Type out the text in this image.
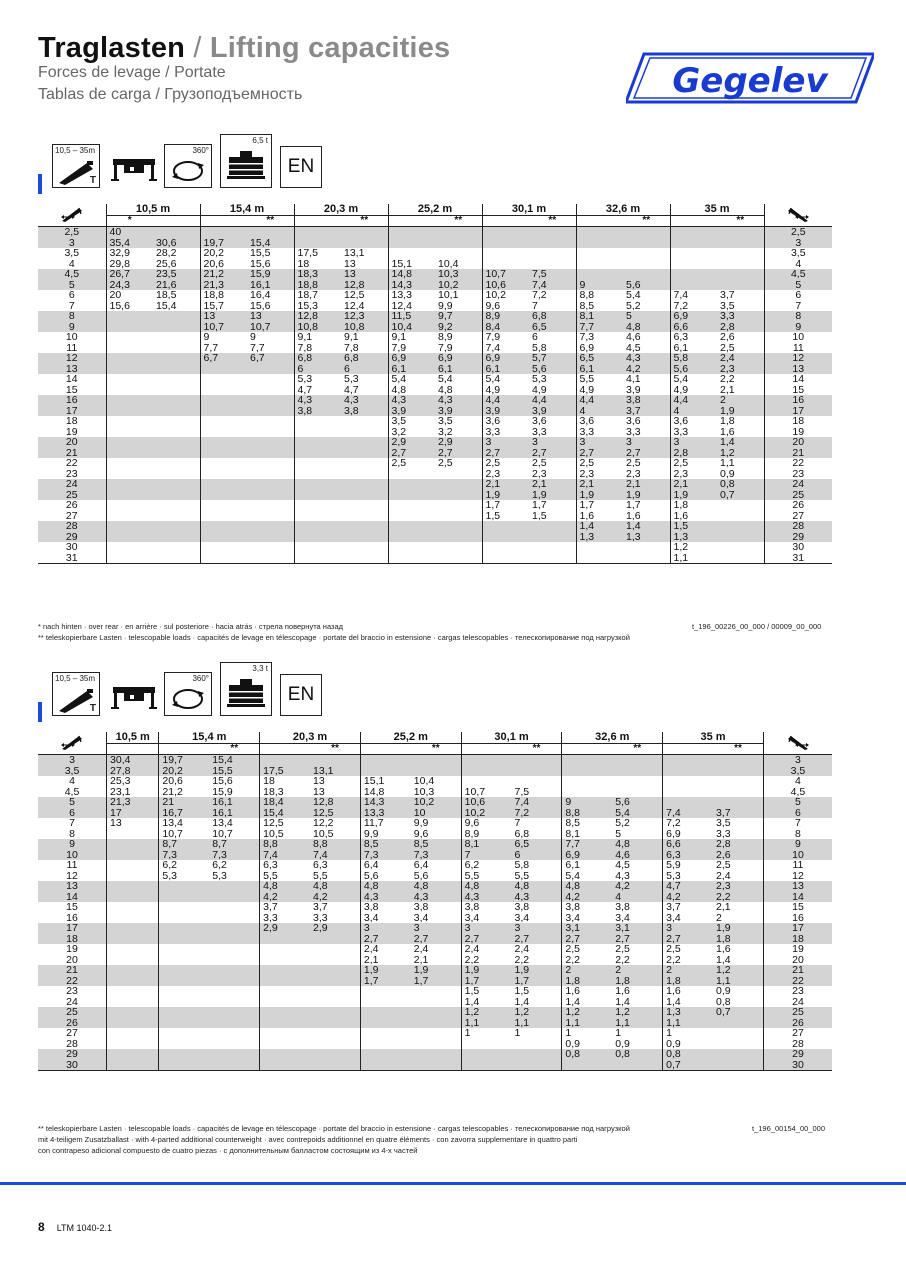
Traglasten / Lifting capacities
Forces de levage / Portate
Tablas de carga / Грузоподъемность	Gegelev
10,5 – 35m
T
360°
6,5 t
EN
10,5 – 35m
T
360°
3,3 t
EN
	10,5 m		15,4 m		20,3 m		25,2 m		30,1 m		32,6 m		35 m	
	*			**		**		**		**		**		**	
2,5	40														2,5
3	35,4	30,6	19,7	15,4											3
3,5	32,9	28,2	20,2	15,5	17,5	13,1									3,5
4	29,8	25,6	20,6	15,6	18	13	15,1	10,4							4
4,5	26,7	23,5	21,2	15,9	18,3	13	14,8	10,3	10,7	7,5					4,5
5	24,3	21,6	21,3	16,1	18,8	12,8	14,3	10,2	10,6	7,4	9	5,6			5
6	20	18,5	18,8	16,4	18,7	12,5	13,3	10,1	10,2	7,2	8,8	5,4	7,4	3,7	6
7	15,6	15,4	15,7	15,6	15,3	12,4	12,4	9,9	9,6	7	8,5	5,2	7,2	3,5	7
8			13	13	12,8	12,3	11,5	9,7	8,9	6,8	8,1	5	6,9	3,3	8
9			10,7	10,7	10,8	10,8	10,4	9,2	8,4	6,5	7,7	4,8	6,6	2,8	9
10			9	9	9,1	9,1	9,1	8,9	7,9	6	7,3	4,6	6,3	2,6	10
11			7,7	7,7	7,8	7,8	7,9	7,9	7,4	5,8	6,9	4,5	6,1	2,5	11
12			6,7	6,7	6,8	6,8	6,9	6,9	6,9	5,7	6,5	4,3	5,8	2,4	12
13					6	6	6,1	6,1	6,1	5,6	6,1	4,2	5,6	2,3	13
14					5,3	5,3	5,4	5,4	5,4	5,3	5,5	4,1	5,4	2,2	14
15					4,7	4,7	4,8	4,8	4,9	4,9	4,9	3,9	4,9	2,1	15
16					4,3	4,3	4,3	4,3	4,4	4,4	4,4	3,8	4,4	2	16
17					3,8	3,8	3,9	3,9	3,9	3,9	4	3,7	4	1,9	17
18							3,5	3,5	3,6	3,6	3,6	3,6	3,6	1,8	18
19							3,2	3,2	3,3	3,3	3,3	3,3	3,3	1,6	19
20							2,9	2,9	3	3	3	3	3	1,4	20
21							2,7	2,7	2,7	2,7	2,7	2,7	2,8	1,2	21
22							2,5	2,5	2,5	2,5	2,5	2,5	2,5	1,1	22
23									2,3	2,3	2,3	2,3	2,3	0,9	23
24									2,1	2,1	2,1	2,1	2,1	0,8	24
25									1,9	1,9	1,9	1,9	1,9	0,7	25
26									1,7	1,7	1,7	1,7	1,8		26
27									1,5	1,5	1,6	1,6	1,6		27
28											1,4	1,4	1,5		28
29											1,3	1,3	1,3		29
30													1,2		30
31													1,1		31
* nach hinten · over rear · en arrière · sul posteriore · hacia atrás · стрела повернута назад
** teleskopierbare Lasten · telescopable loads · capacités de levage en télescopage · portate del braccio in estensione · cargas telescopables · телескопирование под нагрузкой
t_196_00226_00_000 / 00009_00_000
	10,5 m	15,4 m		20,3 m		25,2 m		30,1 m		32,6 m		35 m	
			**		**		**		**		**		**	
3	30,4	19,7	15,4											3
3,5	27,8	20,2	15,5	17,5	13,1									3,5
4	25,3	20,6	15,6	18	13	15,1	10,4							4
4,5	23,1	21,2	15,9	18,3	13	14,8	10,3	10,7	7,5					4,5
5	21,3	21	16,1	18,4	12,8	14,3	10,2	10,6	7,4	9	5,6			5
6	17	16,7	16,1	15,4	12,5	13,3	10	10,2	7,2	8,8	5,4	7,4	3,7	6
7	13	13,4	13,4	12,5	12,2	11,7	9,9	9,6	7	8,5	5,2	7,2	3,5	7
8		10,7	10,7	10,5	10,5	9,9	9,6	8,9	6,8	8,1	5	6,9	3,3	8
9		8,7	8,7	8,8	8,8	8,5	8,5	8,1	6,5	7,7	4,8	6,6	2,8	9
10		7,3	7,3	7,4	7,4	7,3	7,3	7	6	6,9	4,6	6,3	2,6	10
11		6,2	6,2	6,3	6,3	6,4	6,4	6,2	5,8	6,1	4,5	5,9	2,5	11
12		5,3	5,3	5,5	5,5	5,6	5,6	5,5	5,5	5,4	4,3	5,3	2,4	12
13				4,8	4,8	4,8	4,8	4,8	4,8	4,8	4,2	4,7	2,3	13
14				4,2	4,2	4,3	4,3	4,3	4,3	4,2	4	4,2	2,2	14
15				3,7	3,7	3,8	3,8	3,8	3,8	3,8	3,8	3,7	2,1	15
16				3,3	3,3	3,4	3,4	3,4	3,4	3,4	3,4	3,4	2	16
17				2,9	2,9	3	3	3	3	3,1	3,1	3	1,9	17
18						2,7	2,7	2,7	2,7	2,7	2,7	2,7	1,8	18
19						2,4	2,4	2,4	2,4	2,5	2,5	2,5	1,6	19
20						2,1	2,1	2,2	2,2	2,2	2,2	2,2	1,4	20
21						1,9	1,9	1,9	1,9	2	2	2	1,2	21
22						1,7	1,7	1,7	1,7	1,8	1,8	1,8	1,1	22
23								1,5	1,5	1,6	1,6	1,6	0,9	23
24								1,4	1,4	1,4	1,4	1,4	0,8	24
25								1,2	1,2	1,2	1,2	1,3	0,7	25
26								1,1	1,1	1,1	1,1	1,1		26
27								1	1	1	1	1		27
28										0,9	0,9	0,9		28
29										0,8	0,8	0,8		29
30												0,7		30
** teleskopierbare Lasten · telescopable loads · capacités de levage en télescopage · portate del braccio in estensione · cargas telescopables · телескопирование под нагрузкой
mit 4-teiligem Zusatzballast · with 4-parted additional counterweight · avec contrepoids additionnel en quatre éléments · con zavorra supplementare in quattro parti
con contrapeso adicional compuesto de cuatro piezas · с дополнительным балластом состоящим из 4-х частей
t_196_00154_00_000
8 LTM 1040-2.1
